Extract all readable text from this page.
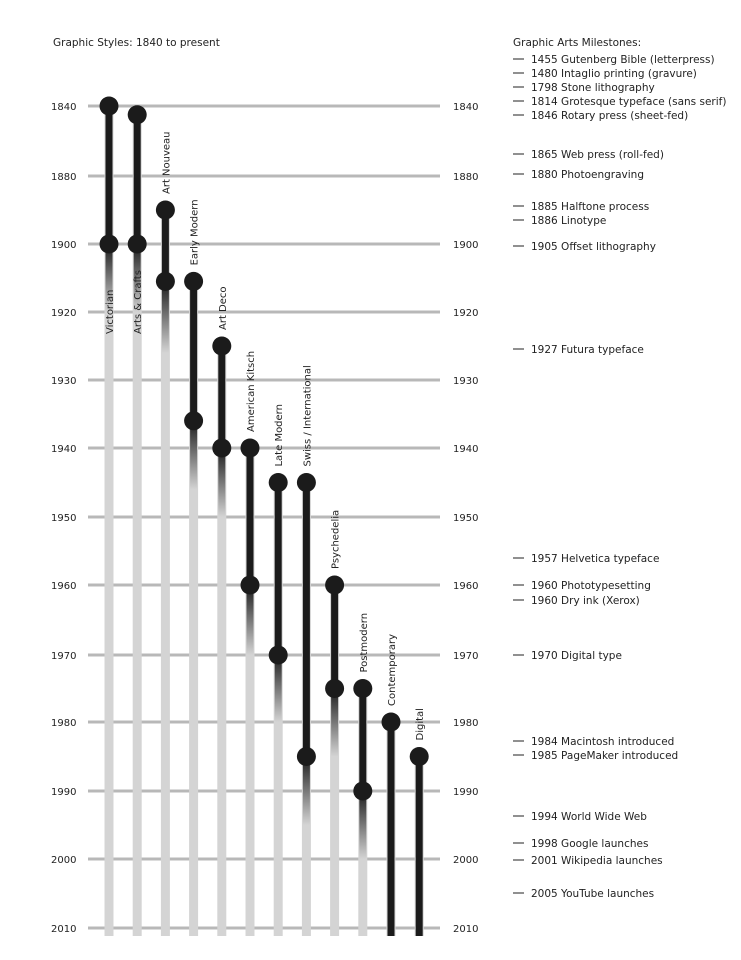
Graphic Styles: 1840 to present
1840	1840
1880	1880
1900	1900
1920	1920
1930	1930
1940	1940
1950	1950
1960	1960
1970	1970
1980	1980
1990	1990
2000	2000
2010	2010
Victorian Arts & Crafts
Art Nouveau
Early Modern
Art Deco
American Kitsch
Late Modern Swiss / International
Psychedelia
Postmodern Contemporary
Digital
Graphic Arts Milestones:
1455 Gutenberg Bible (letterpress)
1480 Intaglio printing (gravure)
1798 Stone lithography
1814 Grotesque typeface (sans serif)
1846 Rotary press (sheet-fed)
1865 Web press (roll-fed)
1880 Photoengraving
1885 Halftone process
1886 Linotype
1905 Offset lithography
1927 Futura typeface
1957 Helvetica typeface
1960 Phototypesetting
1960 Dry ink (Xerox)
1970 Digital type
1984 Macintosh introduced
1985 PageMaker introduced
1994 World Wide Web
1998 Google launches
2001 Wikipedia launches
2005 YouTube launches
